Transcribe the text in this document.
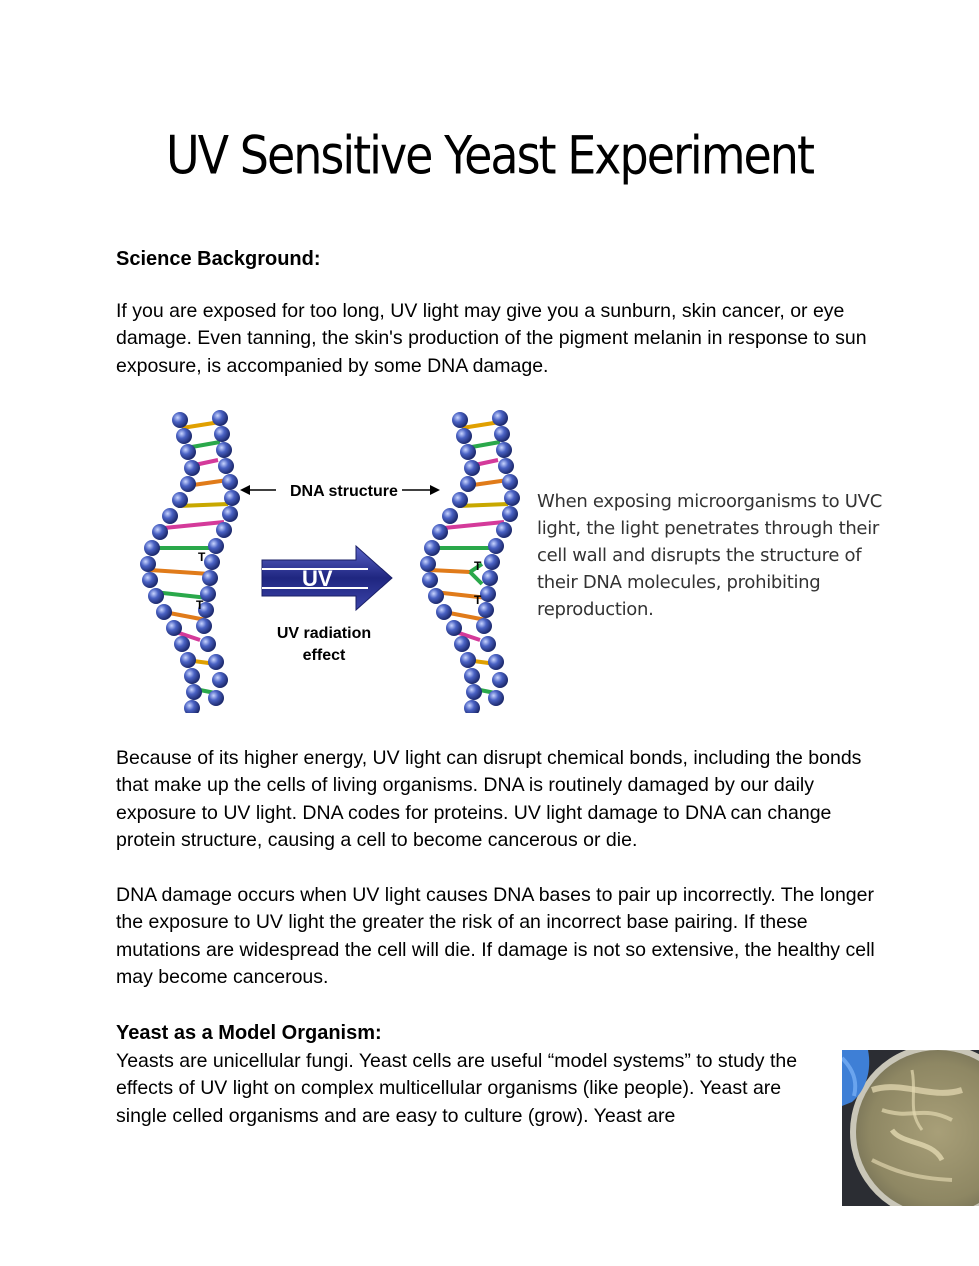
UV Sensitive Yeast Experiment
Science Background:

If you are exposed for too long, UV light may give you a sunburn, skin cancer, or eye damage. Even tanning, the skin's production of the pigment melanin in response to sun exposure, is accompanied by some DNA damage.

T
T
DNA structure
UV
UV radiation
effect
T
T
When exposing microorganisms to UVC light, the light penetrates through their cell wall and disrupts the structure of their DNA molecules, prohibiting reproduction.

Because of its higher energy, UV light can disrupt chemical bonds, including the bonds that make up the cells of living organisms. DNA is routinely damaged by our daily exposure to UV light. DNA codes for proteins. UV light damage to DNA can change protein structure, causing a cell to become cancerous or die.

DNA damage occurs when UV light causes DNA bases to pair up incorrectly. The longer the exposure to UV light the greater the risk of an incorrect base pairing. If these mutations are widespread the cell will die. If damage is not so extensive, the healthy cell may become cancerous.

Yeast as a Model Organism:

Yeasts are unicellular fungi. Yeast cells are useful “model systems” to study the effects of UV light on complex multicellular organisms (like people). Yeast are single celled organisms and are easy to culture (grow). Yeast are
